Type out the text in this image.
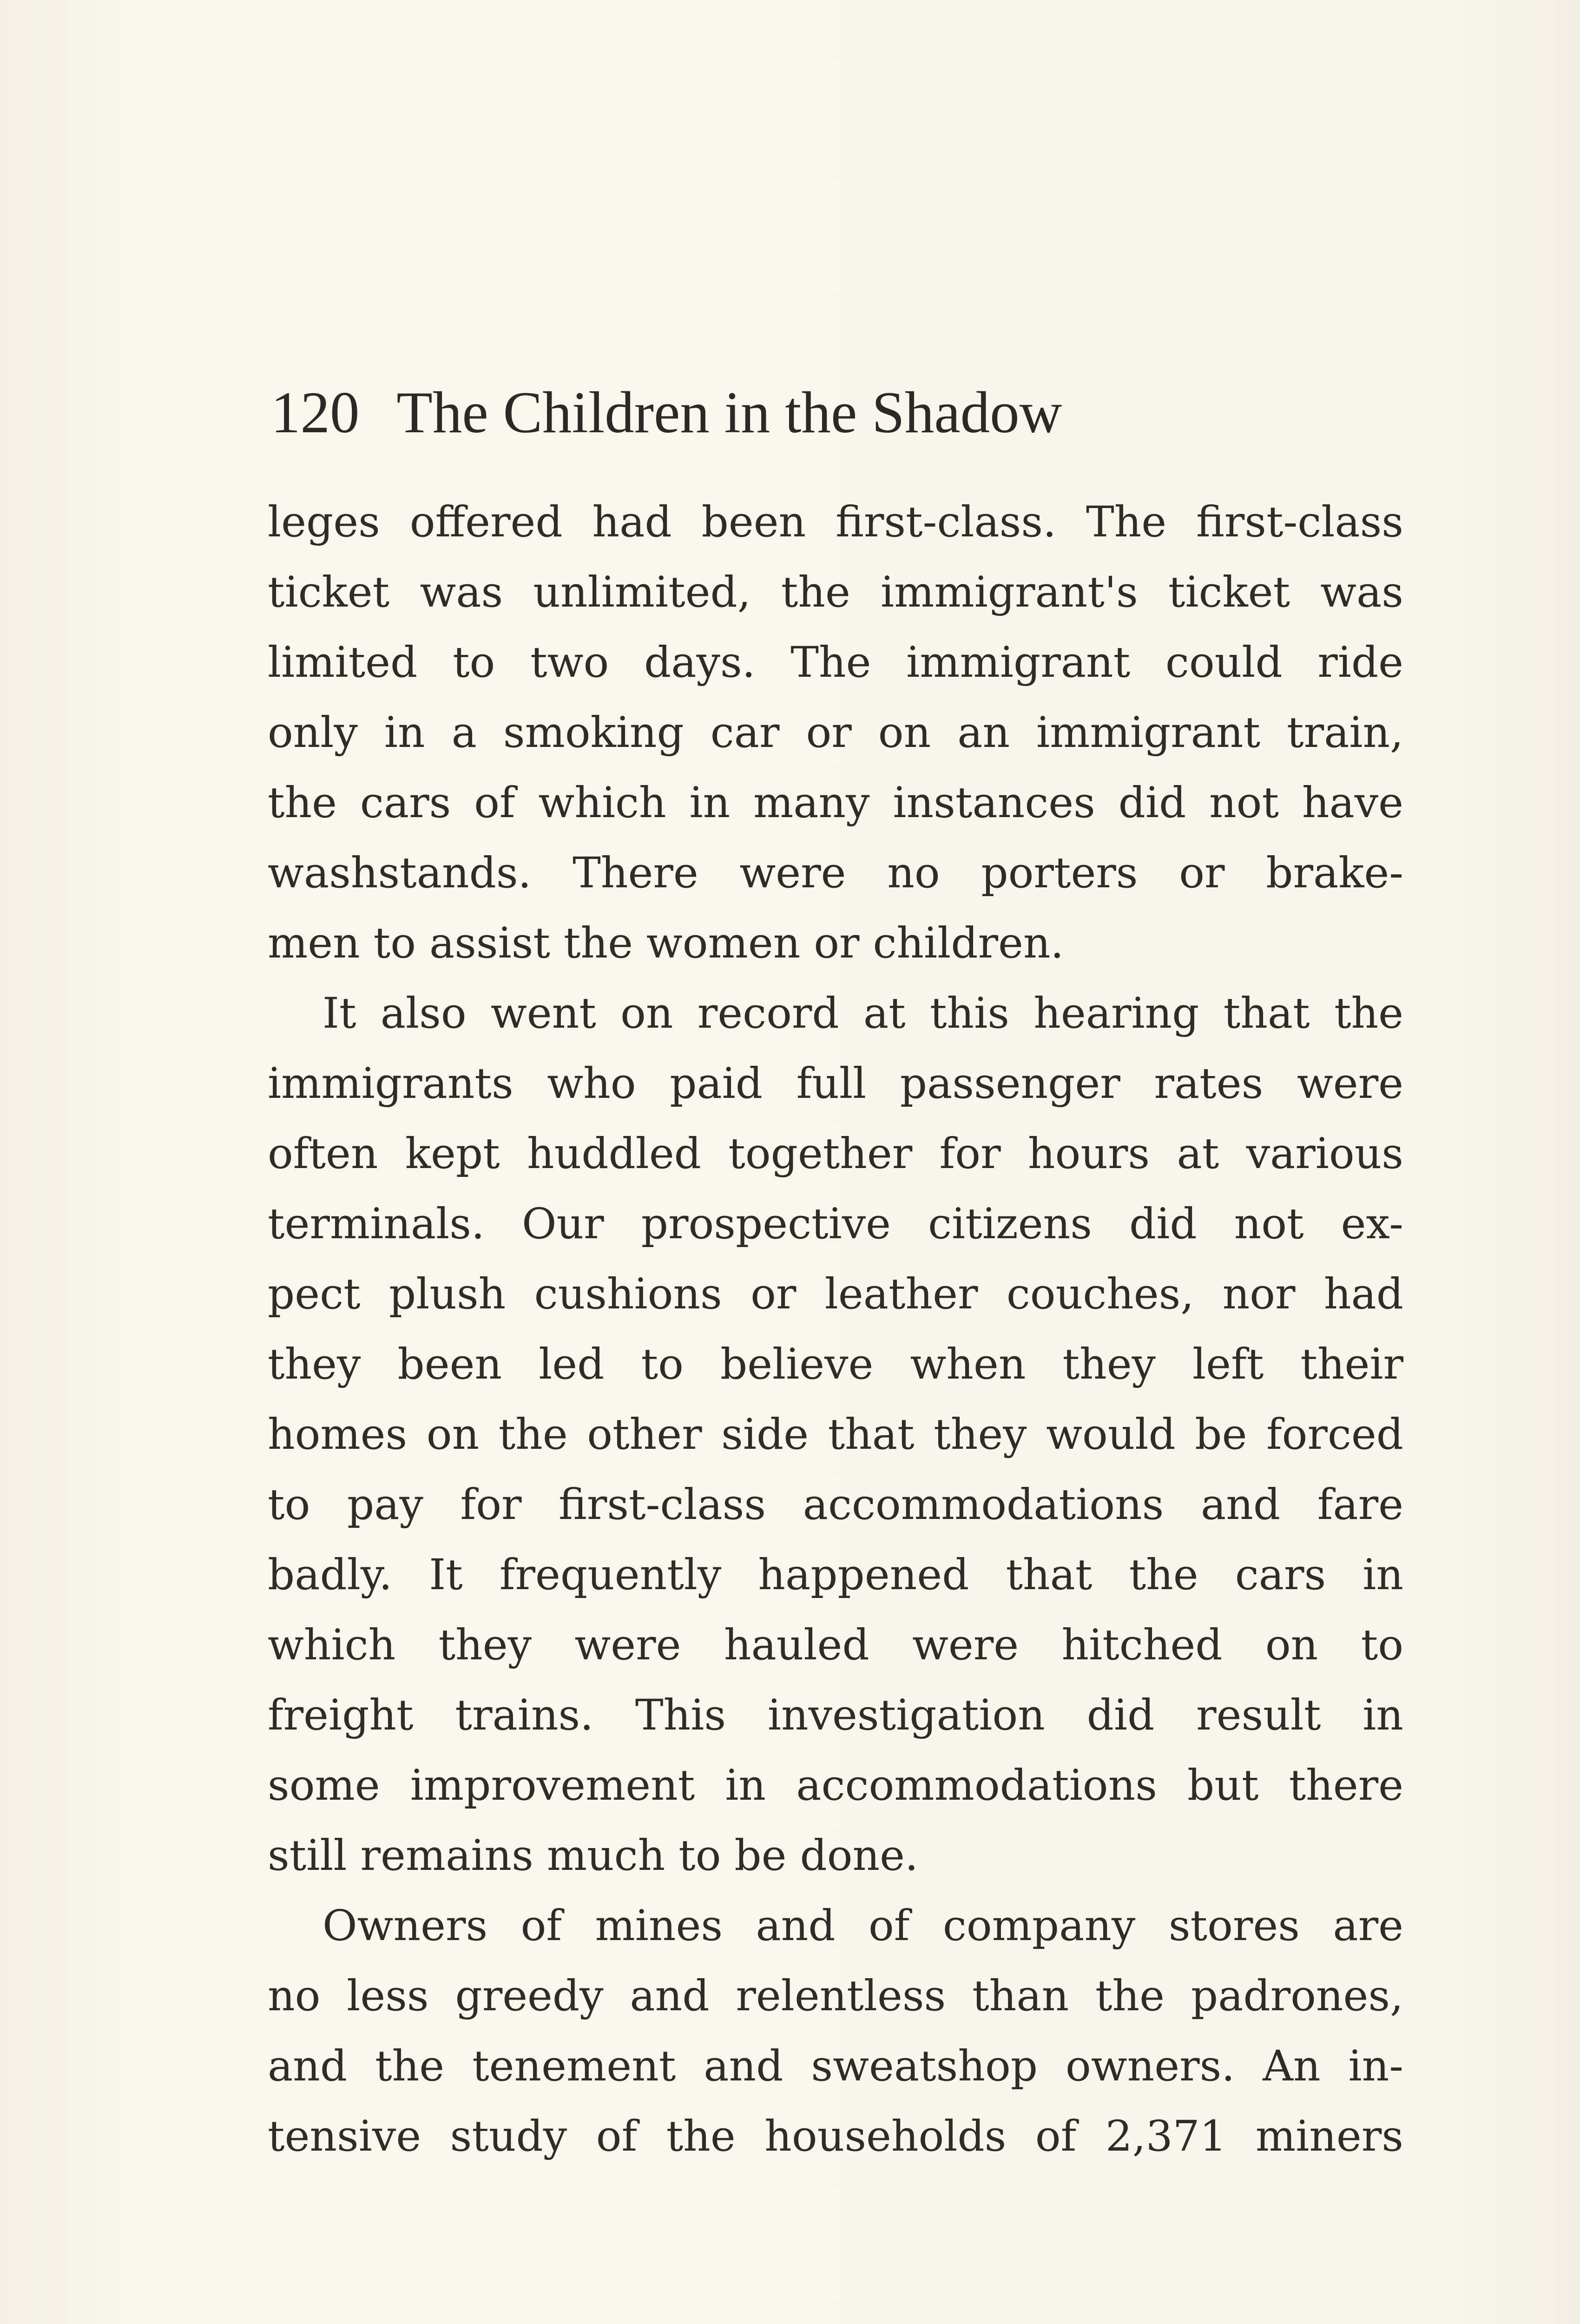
120 The Children in the Shadow
leges offered had been first-class. The first-class
ticket was unlimited, the immigrant's ticket was
limited to two days. The immigrant could ride
only in a smoking car or on an immigrant train,
the cars of which in many instances did not have
washstands. There were no porters or brake-
men to assist the women or children.
It also went on record at this hearing that the
immigrants who paid full passenger rates were
often kept huddled together for hours at various
terminals. Our prospective citizens did not ex-
pect plush cushions or leather couches, nor had
they been led to believe when they left their
homes on the other side that they would be forced
to pay for first-class accommodations and fare
badly. It frequently happened that the cars in
which they were hauled were hitched on to
freight trains. This investigation did result in
some improvement in accommodations but there
still remains much to be done.
Owners of mines and of company stores are
no less greedy and relentless than the padrones,
and the tenement and sweatshop owners. An in-
tensive study of the households of 2,371 miners
